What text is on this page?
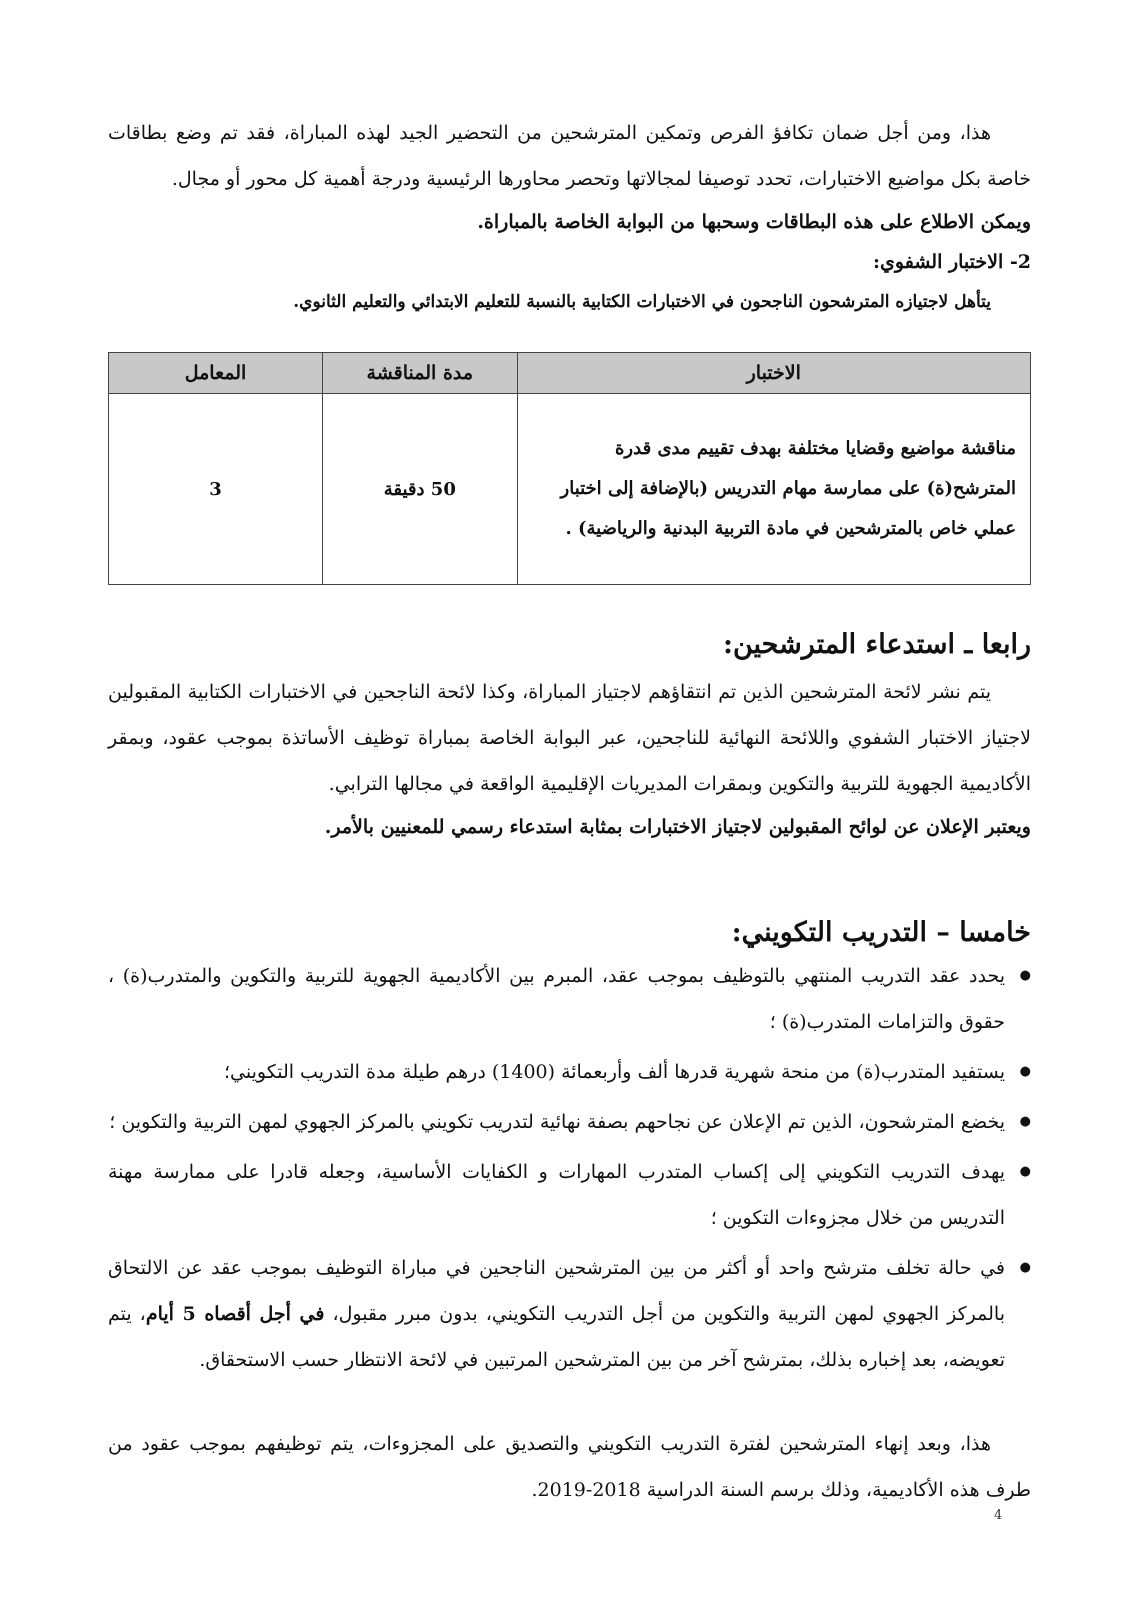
هذا، ومن أجل ضمان تكافؤ الفرص وتمكين المترشحين من التحضير الجيد لهذه المباراة، فقد تم وضع بطاقات خاصة بكل مواضيع الاختبارات، تحدد توصيفا لمجالاتها وتحصر محاورها الرئيسية ودرجة أهمية كل محور أو مجال.

ويمكن الاطلاع على هذه البطاقات وسحبها من البوابة الخاصة بالمباراة.

2- الاختبار الشفوي:

يتأهل لاجتيازه المترشحون الناجحون في الاختبارات الكتابية بالنسبة للتعليم الابتدائي والتعليم الثانوي.

الاختبار	مدة المناقشة	المعامل
مناقشة مواضيع وقضايا مختلفة بهدف تقييم مدى قدرة المترشح(ة) على ممارسة مهام التدريس (بالإضافة إلى اختبار عملي خاص بالمترشحين في مادة التربية البدنية والرياضية) .	50 دقيقة	3

رابعا ـ استدعاء المترشحين:

يتم نشر لائحة المترشحين الذين تم انتقاؤهم لاجتياز المباراة، وكذا لائحة الناجحين في الاختبارات الكتابية المقبولين لاجتياز الاختبار الشفوي واللائحة النهائية للناجحين، عبر البوابة الخاصة بمباراة توظيف الأساتذة بموجب عقود، وبمقر الأكاديمية الجهوية للتربية والتكوين وبمقرات المديريات الإقليمية الواقعة في مجالها الترابي.

ويعتبر الإعلان عن لوائح المقبولين لاجتياز الاختبارات بمثابة استدعاء رسمي للمعنيين بالأمر.

خامسا – التدريب التكويني:

● يحدد عقد التدريب المنتهي بالتوظيف بموجب عقد، المبرم بين الأكاديمية الجهوية للتربية والتكوين والمتدرب(ة) ، حقوق والتزامات المتدرب(ة) ؛
● يستفيد المتدرب(ة) من منحة شهرية قدرها ألف وأربعمائة (1400) درهم طيلة مدة التدريب التكويني؛
● يخضع المترشحون، الذين تم الإعلان عن نجاحهم بصفة نهائية لتدريب تكويني بالمركز الجهوي لمهن التربية والتكوين ؛
● يهدف التدريب التكويني إلى إكساب المتدرب المهارات و الكفايات الأساسية، وجعله قادرا على ممارسة مهنة التدريس من خلال مجزوءات التكوين ؛
● في حالة تخلف مترشح واحد أو أكثر من بين المترشحين الناجحين في مباراة التوظيف بموجب عقد عن الالتحاق بالمركز الجهوي لمهن التربية والتكوين من أجل التدريب التكويني، بدون مبرر مقبول، في أجل أقصاه 5 أيام، يتم تعويضه، بعد إخباره بذلك، بمترشح آخر من بين المترشحين المرتبين في لائحة الانتظار حسب الاستحقاق.

هذا، وبعد إنهاء المترشحين لفترة التدريب التكويني والتصديق على المجزوءات، يتم توظيفهم بموجب عقود من طرف هذه الأكاديمية، وذلك برسم السنة الدراسية 2018-2019.

4
